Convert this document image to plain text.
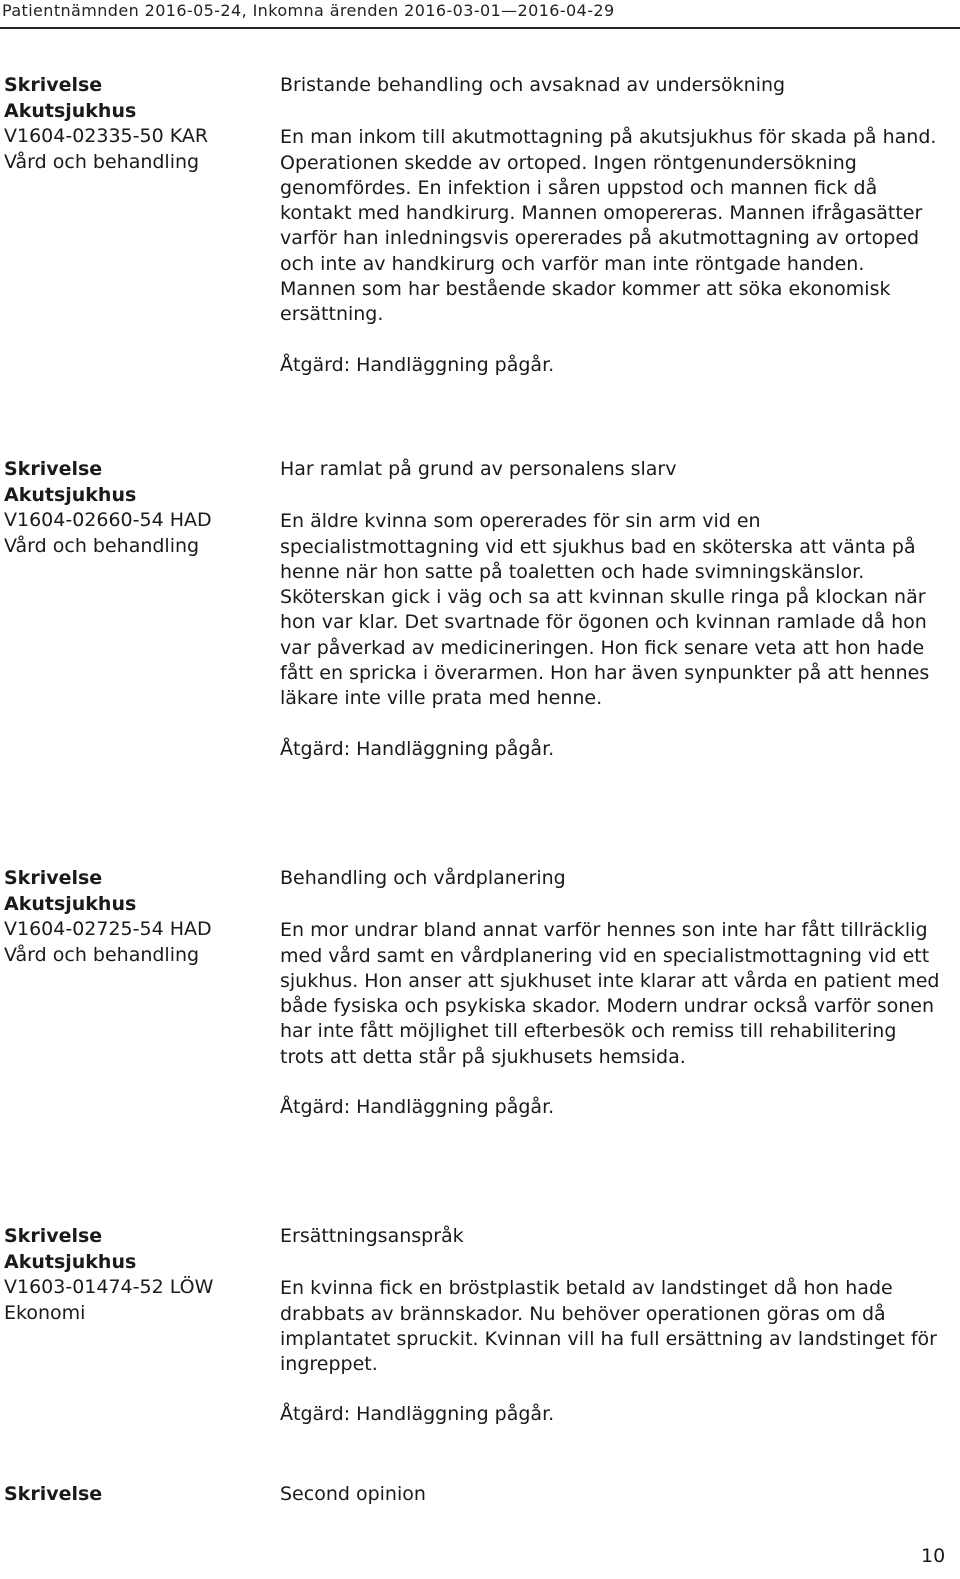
Patientnämnden 2016-05-24, Inkomna ärenden 2016-03-01—2016-04-29
Skrivelse
Akutsjukhus
V1604-02335-50 KAR
Vård och behandling

Bristande behandling och avsaknad av undersökning

En man inkom till akutmottagning på akutsjukhus för skada på hand. Operationen skedde av ortoped. Ingen röntgenundersökning genomfördes. En infektion i såren uppstod och mannen fick då kontakt med handkirurg. Mannen omopereras. Mannen ifrågasätter varför han inledningsvis opererades på akutmottagning av ortoped och inte av handkirurg och varför man inte röntgade handen. Mannen som har bestående skador kommer att söka ekonomisk ersättning.

Åtgärd: Handläggning pågår.

Skrivelse
Akutsjukhus
V1604-02660-54 HAD
Vård och behandling

Har ramlat på grund av personalens slarv

En äldre kvinna som opererades för sin arm vid en specialistmottagning vid ett sjukhus bad en sköterska att vänta på henne när hon satte på toaletten och hade svimningskänslor. Sköterskan gick i väg och sa att kvinnan skulle ringa på klockan när hon var klar. Det svartnade för ögonen och kvinnan ramlade då hon var påverkad av medicineringen. Hon fick senare veta att hon hade fått en spricka i överarmen. Hon har även synpunkter på att hennes läkare inte ville prata med henne.

Åtgärd: Handläggning pågår.

Skrivelse
Akutsjukhus
V1604-02725-54 HAD
Vård och behandling

Behandling och vårdplanering

En mor undrar bland annat varför hennes son inte har fått tillräcklig med vård samt en vårdplanering vid en specialistmottagning vid ett sjukhus. Hon anser att sjukhuset inte klarar att vårda en patient med både fysiska och psykiska skador. Modern undrar också varför sonen har inte fått möjlighet till efterbesök och remiss till rehabilitering trots att detta står på sjukhusets hemsida.

Åtgärd: Handläggning pågår.

Skrivelse
Akutsjukhus
V1603-01474-52 LÖW
Ekonomi

Ersättningsanspråk

En kvinna fick en bröstplastik betald av landstinget då hon hade drabbats av brännskador. Nu behöver operationen göras om då implantatet spruckit. Kvinnan vill ha full ersättning av landstinget för ingreppet.

Åtgärd: Handläggning pågår.

Skrivelse	Second opinion

10
